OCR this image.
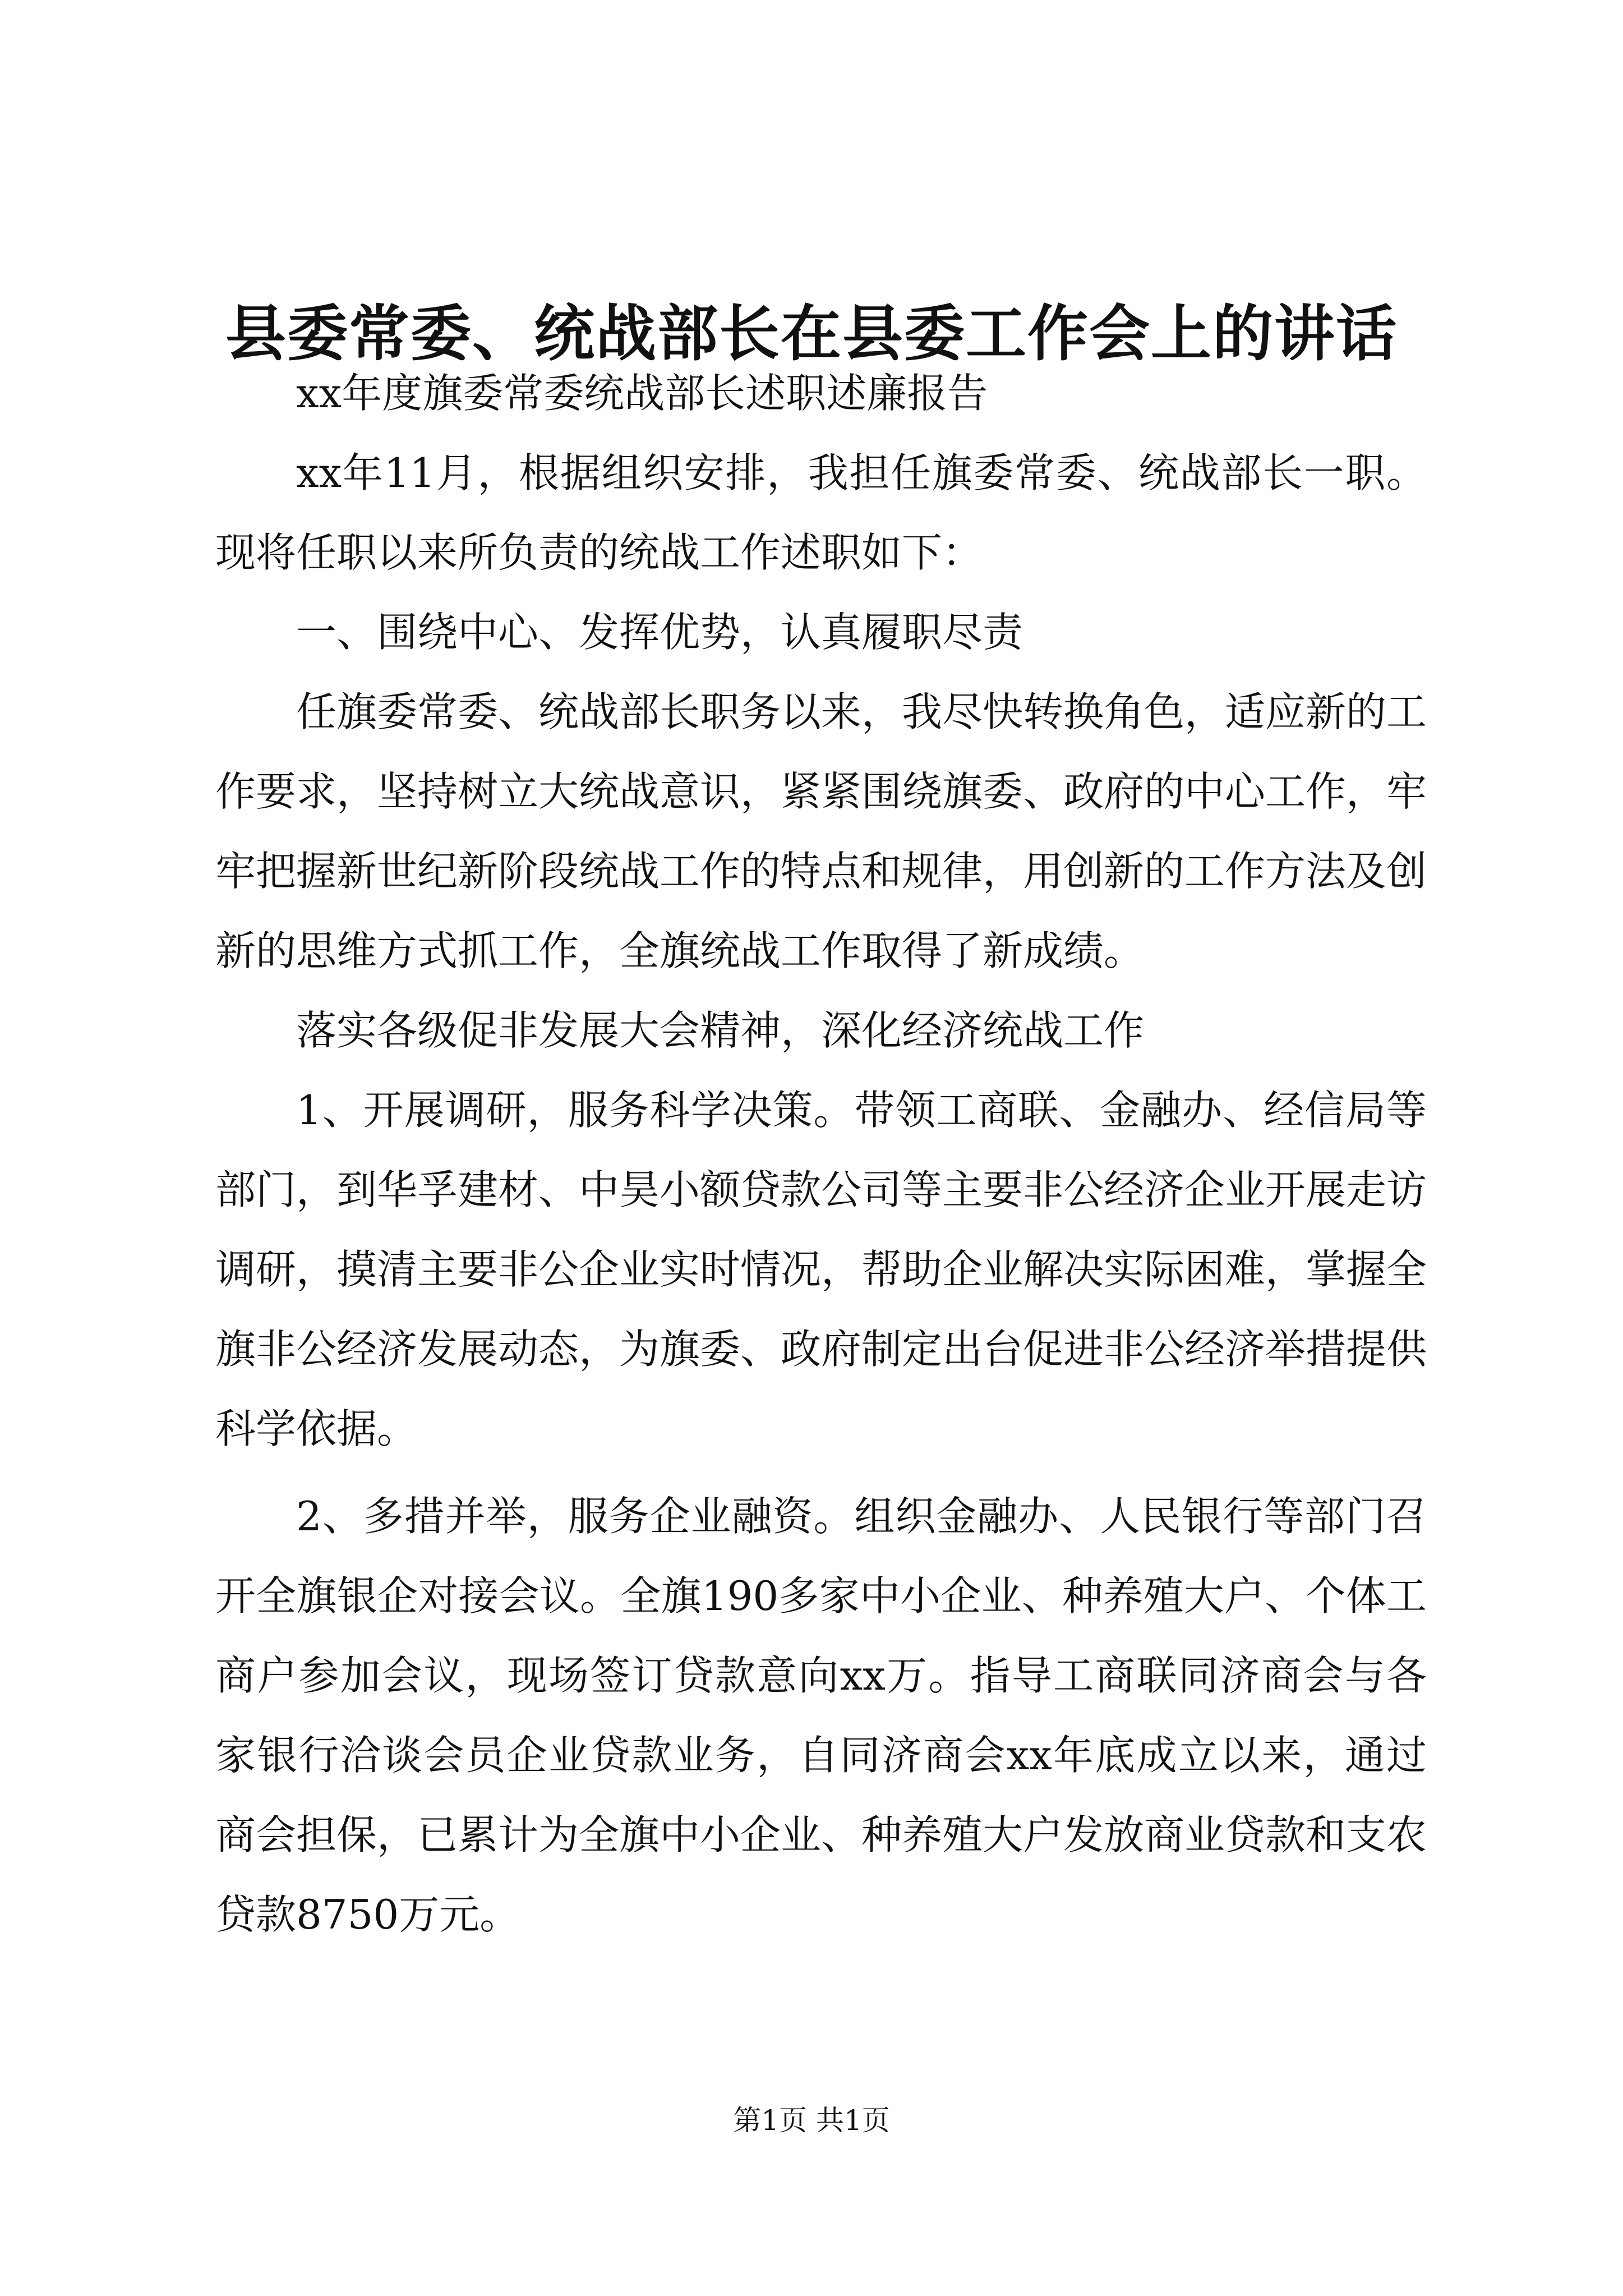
县委常委、统战部长在县委工作会上的讲话

xx年度旗委常委统战部长述职述廉报告

xx年11月，根据组织安排，我担任旗委常委、统战部长一职。现将任职以来所负责的统战工作述职如下：

一、围绕中心、发挥优势，认真履职尽责

任旗委常委、统战部长职务以来，我尽快转换角色，适应新的工作要求，坚持树立大统战意识，紧紧围绕旗委、政府的中心工作，牢牢把握新世纪新阶段统战工作的特点和规律，用创新的工作方法及创新的思维方式抓工作，全旗统战工作取得了新成绩。

落实各级促非发展大会精神，深化经济统战工作

1、开展调研，服务科学决策。带领工商联、金融办、经信局等部门，到华孚建材、中昊小额贷款公司等主要非公经济企业开展走访调研，摸清主要非公企业实时情况，帮助企业解决实际困难，掌握全旗非公经济发展动态，为旗委、政府制定出台促进非公经济举措提供科学依据。

2、多措并举，服务企业融资。组织金融办、人民银行等部门召开全旗银企对接会议。全旗190多家中小企业、种养殖大户、个体工商户参加会议，现场签订贷款意向xx万。指导工商联同济商会与各家银行洽谈会员企业贷款业务，自同济商会xx年底成立以来，通过商会担保，已累计为全旗中小企业、种养殖大户发放商业贷款和支农贷款8750万元。

第1页 共1页
